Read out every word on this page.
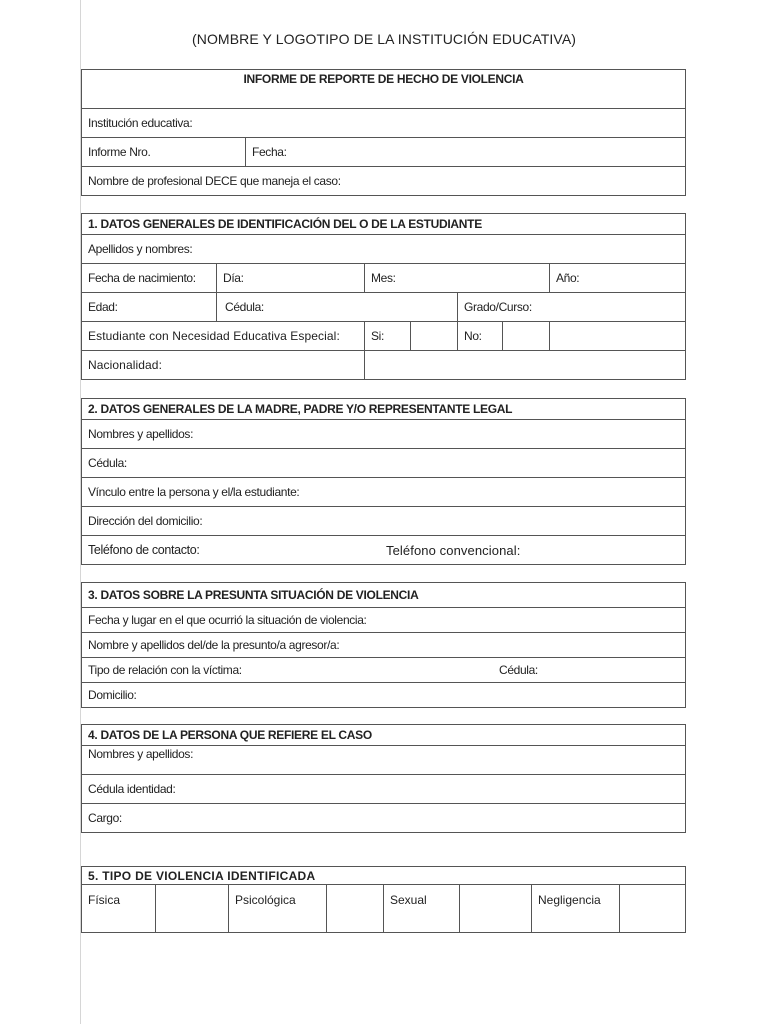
(NOMBRE Y LOGOTIPO DE LA INSTITUCIÓN EDUCATIVA)
INFORME DE REPORTE DE HECHO DE VIOLENCIA
Institución educativa:
Informe Nro.	Fecha:
Nombre de profesional DECE que maneja el caso:
1. DATOS GENERALES DE IDENTIFICACIÓN DEL O DE LA ESTUDIANTE						
Apellidos y nombres:						
Fecha de nacimiento:	Día:	Mes:				Año:
Edad:	Cédula:			Grado/Curso:		
Estudiante con Necesidad Educativa Especial:		Si:		No:		
Nacionalidad:						
2. DATOS GENERALES DE LA MADRE, PADRE Y/O REPRESENTANTE LEGAL
Nombres y apellidos:
Cédula:
Vínculo entre la persona y el/la estudiante:
Dirección del domicilio:
Teléfono de contacto:	Teléfono convencional:
3. DATOS SOBRE LA PRESUNTA SITUACIÓN DE VIOLENCIA
Fecha y lugar en el que ocurrió la situación de violencia:
Nombre y apellidos del/de la presunto/a agresor/a:
Tipo de relación con la víctima:	Cédula:

Domicilio:
4. DATOS DE LA PERSONA QUE REFIERE EL CASO
Nombres y apellidos:
Cédula identidad:
Cargo:
5. TIPO DE VIOLENCIA IDENTIFICADA
Física		Psicológica		Sexual		Negligencia	
